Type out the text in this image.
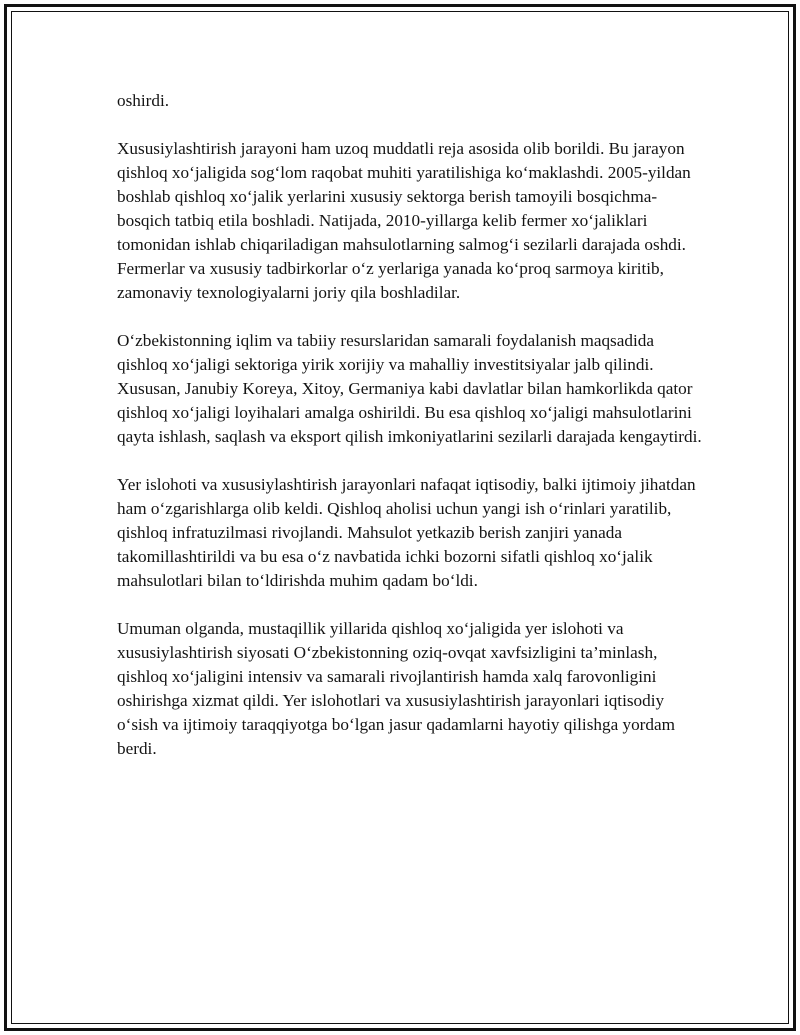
oshirdi.

Xususiylashtirish jarayoni ham uzoq muddatli reja asosida olib borildi. Bu jarayon qishloq xo‘jaligida sog‘lom raqobat muhiti yaratilishiga ko‘maklashdi. 2005-yildan boshlab qishloq xo‘jalik yerlarini xususiy sektorga berish tamoyili bosqichma-bosqich tatbiq etila boshladi. Natijada, 2010-yillarga kelib fermer xo‘jaliklari tomonidan ishlab chiqariladigan mahsulotlarning salmog‘i sezilarli darajada oshdi. Fermerlar va xususiy tadbirkorlar o‘z yerlariga yanada ko‘proq sarmoya kiritib, zamonaviy texnologiyalarni joriy qila boshladilar.

O‘zbekistonning iqlim va tabiiy resurslaridan samarali foydalanish maqsadida qishloq xo‘jaligi sektoriga yirik xorijiy va mahalliy investitsiyalar jalb qilindi. Xususan, Janubiy Koreya, Xitoy, Germaniya kabi davlatlar bilan hamkorlikda qator qishloq xo‘jaligi loyihalari amalga oshirildi. Bu esa qishloq xo‘jaligi mahsulotlarini qayta ishlash, saqlash va eksport qilish imkoniyatlarini sezilarli darajada kengaytirdi.

Yer islohoti va xususiylashtirish jarayonlari nafaqat iqtisodiy, balki ijtimoiy jihatdan ham o‘zgarishlarga olib keldi. Qishloq aholisi uchun yangi ish o‘rinlari yaratilib, qishloq infratuzilmasi rivojlandi. Mahsulot yetkazib berish zanjiri yanada takomillashtirildi va bu esa o‘z navbatida ichki bozorni sifatli qishloq xo‘jalik mahsulotlari bilan to‘ldirishda muhim qadam bo‘ldi.

Umuman olganda, mustaqillik yillarida qishloq xo‘jaligida yer islohoti va xususiylashtirish siyosati O‘zbekistonning oziq-ovqat xavfsizligini ta’minlash, qishloq xo‘jaligini intensiv va samarali rivojlantirish hamda xalq farovonligini oshirishga xizmat qildi. Yer islohotlari va xususiylashtirish jarayonlari iqtisodiy o‘sish va ijtimoiy taraqqiyotga bo‘lgan jasur qadamlarni hayotiy qilishga yordam berdi.
